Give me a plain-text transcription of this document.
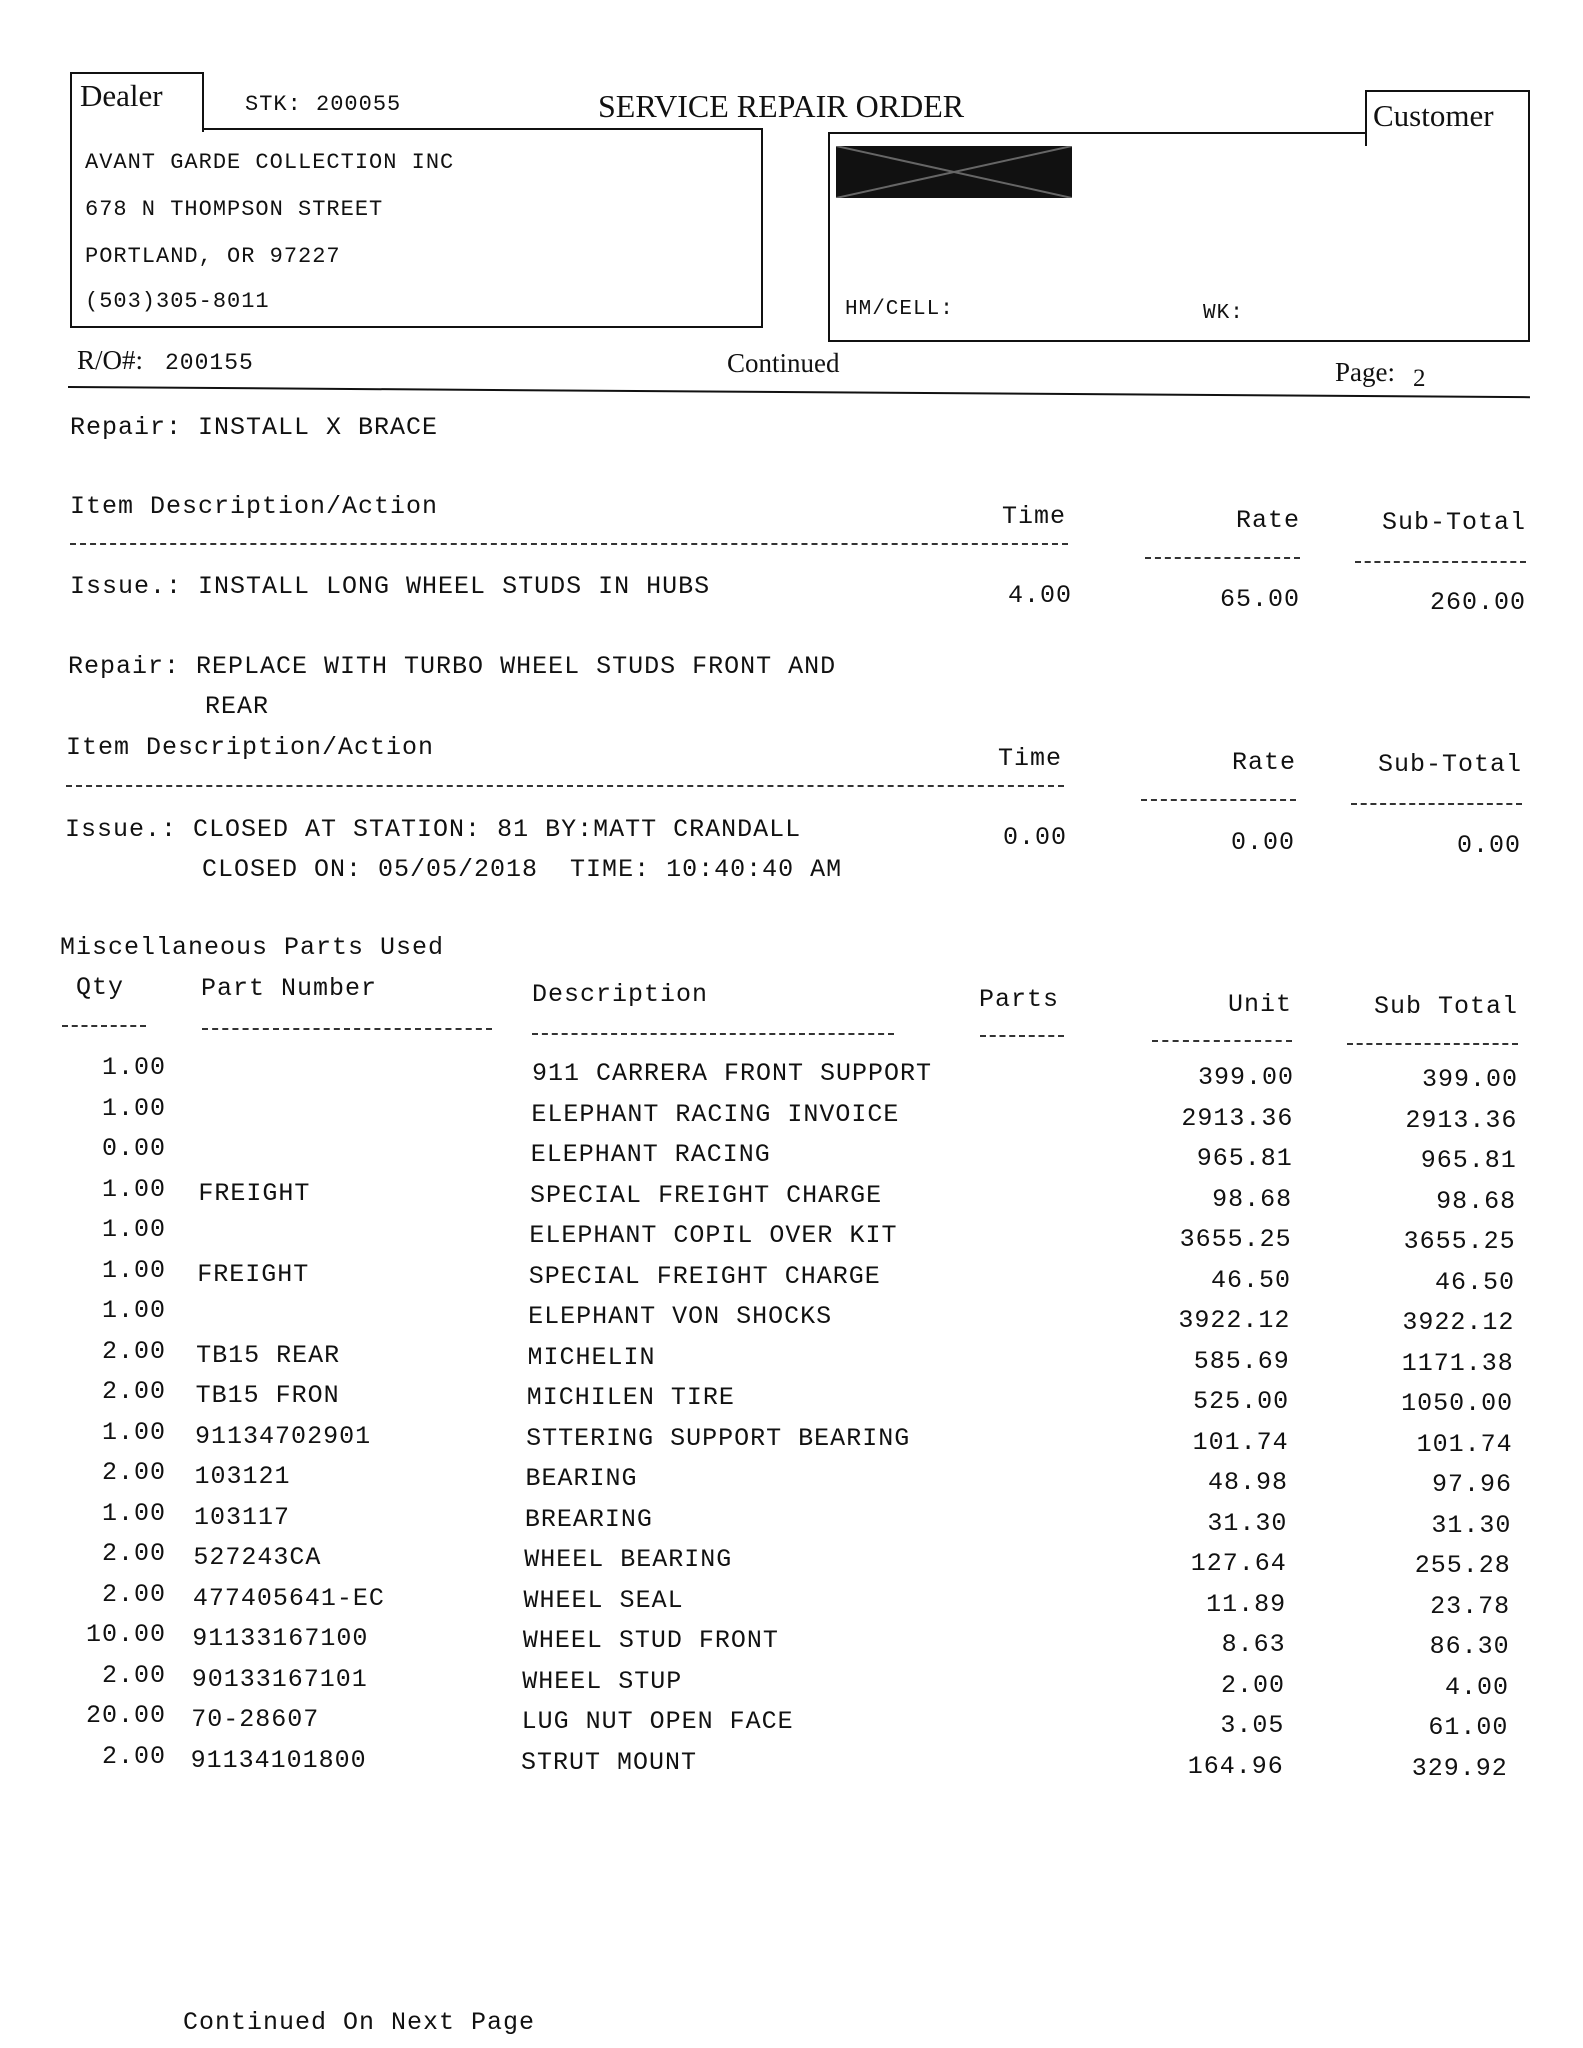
Dealer	STK: 200055	SERVICE REPAIR ORDER
AVANT GARDE COLLECTION INC
678 N THOMPSON STREET
PORTLAND, OR 97227
(503)305-8011
Customer
HM/CELL:	WK:
R/O#: 200155	Continued	Page: 2
Repair: INSTALL X BRACE
Item Description/Action	Time	Rate	Sub-Total
Issue.: INSTALL LONG WHEEL STUDS IN HUBS	4.00	65.00	260.00
Repair: REPLACE WITH TURBO WHEEL STUDS FRONT AND
REAR
Item Description/Action	Time	Rate	Sub-Total
Issue.: CLOSED AT STATION: 81 BY:MATT CRANDALL
CLOSED ON: 05/05/2018  TIME: 10:40:40 AM
0.00	0.00	0.00
Miscellaneous Parts Used
Qty	Part Number	Description	Parts	Unit	Sub Total
1.00	911 CARRERA FRONT SUPPORT	399.00	399.00
1.00	ELEPHANT RACING INVOICE	2913.36	2913.36
0.00	ELEPHANT RACING	965.81	965.81
1.00 FREIGHT	SPECIAL FREIGHT CHARGE	98.68	98.68
1.00	ELEPHANT COPIL OVER KIT	3655.25	3655.25
1.00 FREIGHT	SPECIAL FREIGHT CHARGE	46.50	46.50
1.00	ELEPHANT VON SHOCKS	3922.12	3922.12
2.00 TB15 REAR	MICHELIN	585.69	1171.38
2.00 TB15 FRON	MICHILEN TIRE	525.00	1050.00
1.00 91134702901	STTERING SUPPORT BEARING	101.74	101.74
2.00 103121	BEARING	48.98	97.96
1.00 103117	BREARING	31.30	31.30
2.00 527243CA	WHEEL BEARING	127.64	255.28
2.00 477405641-EC	WHEEL SEAL	11.89	23.78
10.00 91133167100	WHEEL STUD FRONT	8.63	86.30
2.00 90133167101	WHEEL STUP	2.00	4.00
20.00 70-28607	LUG NUT OPEN FACE	3.05	61.00
2.00 91134101800	STRUT MOUNT	164.96	329.92
Continued On Next Page
